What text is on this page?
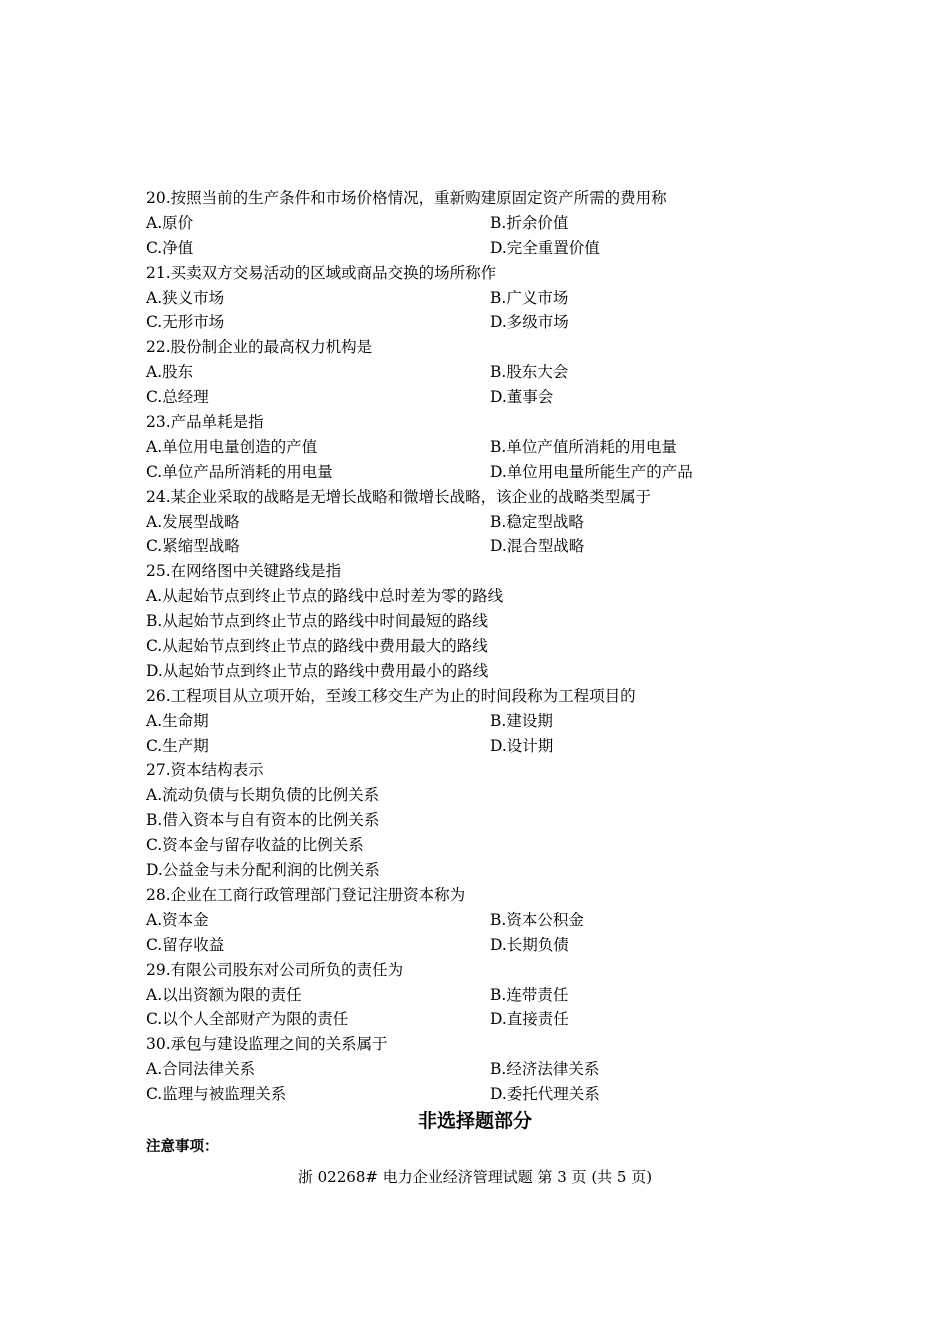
20.按照当前的生产条件和市场价格情况，重新购建原固定资产所需的费用称
A.原价	B.折余价值
C.净值	D.完全重置价值
21.买卖双方交易活动的区域或商品交换的场所称作
A.狭义市场	B.广义市场
C.无形市场	D.多级市场
22.股份制企业的最高权力机构是
A.股东	B.股东大会
C.总经理	D.董事会
23.产品单耗是指
A.单位用电量创造的产值	B.单位产值所消耗的用电量
C.单位产品所消耗的用电量	D.单位用电量所能生产的产品
24.某企业采取的战略是无增长战略和微增长战略，该企业的战略类型属于
A.发展型战略	B.稳定型战略
C.紧缩型战略	D.混合型战略
25.在网络图中关键路线是指
A.从起始节点到终止节点的路线中总时差为零的路线
B.从起始节点到终止节点的路线中时间最短的路线
C.从起始节点到终止节点的路线中费用最大的路线
D.从起始节点到终止节点的路线中费用最小的路线
26.工程项目从立项开始，至竣工移交生产为止的时间段称为工程项目的
A.生命期	B.建设期
C.生产期	D.设计期
27.资本结构表示
A.流动负债与长期负债的比例关系
B.借入资本与自有资本的比例关系
C.资本金与留存收益的比例关系
D.公益金与未分配利润的比例关系
28.企业在工商行政管理部门登记注册资本称为
A.资本金	B.资本公积金
C.留存收益	D.长期负债
29.有限公司股东对公司所负的责任为
A.以出资额为限的责任	B.连带责任
C.以个人全部财产为限的责任	D.直接责任
30.承包与建设监理之间的关系属于
A.合同法律关系	B.经济法律关系
C.监理与被监理关系	D.委托代理关系
非选择题部分
注意事项：
浙 02268# 电力企业经济管理试题 第 3 页 (共 5 页)
